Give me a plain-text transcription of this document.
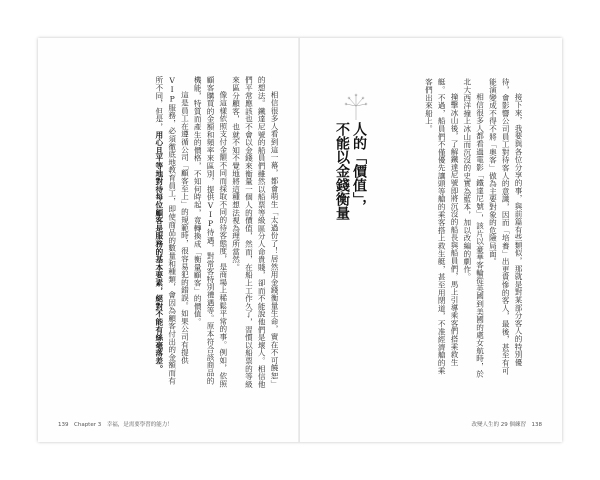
相信很多人看到這一幕，都會萌生「太過份了！居然用金錢衡量生命，實在不可饒恕」的想法。鐵達尼號的船員們雖然以船票等級區分人命貴賤，卻而不能說他們是壞人。相信他們平常應該也不會以金錢來衡量一個人的價值，然而，在船上工作久了，習慣以船票的等級來區分顧客，也就不知不覺地將這種想法視為理所當然。

像這樣依照支付金額不同而採取不同的待客態度，是商場上稀鬆平常的事。例如，依照顧客購買的金額和頻率來區別，提供VIP待遇，對常客特別禮遇等。原本符合該商品的機能，特質而產生的價格，不知何時起，竟轉換成「衡量顧客」的價值。

這是員工在遵循公司「顧客至上」的規範時，很容易犯的錯誤。如果公司有提供VIP服務，必須徹底地教育員工，即使商品的數量和種類，會因為顧客付出的金額而有所不同，但是，用心且平等地對待每位顧客是服務的基本要素，絕對不能有絲毫落差。

139　Chapter 3　幸福，是需要學習的能力！

接下來，我要與各位分享的事，與前篇有些類似，那就是對某部分客人的特別優待，會影響公司員工對待客人的意識，因而「培養」出更貴慘的客人，最後，甚至有可能演變成不得不將「奧客」做為主要對象的危險局面。

相信很多人都看過電影「鐵達尼號」，該片以豪華客輪從英國到美國的處女航時，於北大西洋撞上冰山而沉沒的史實為藍本，加以改編的劇作。

撞擊冰山後，了解鐵達尼號即將沉沒的船長與船員們，馬上引導乘客們搭乘救生艇。不過，船員們不僅優先讓頭等艙的乘客搭上救生艇，甚至用閉道，不准經濟艙的乘客們出來船上。

人的「價值」，
不能以金錢衡量
改變人生的 29 個練習　138
